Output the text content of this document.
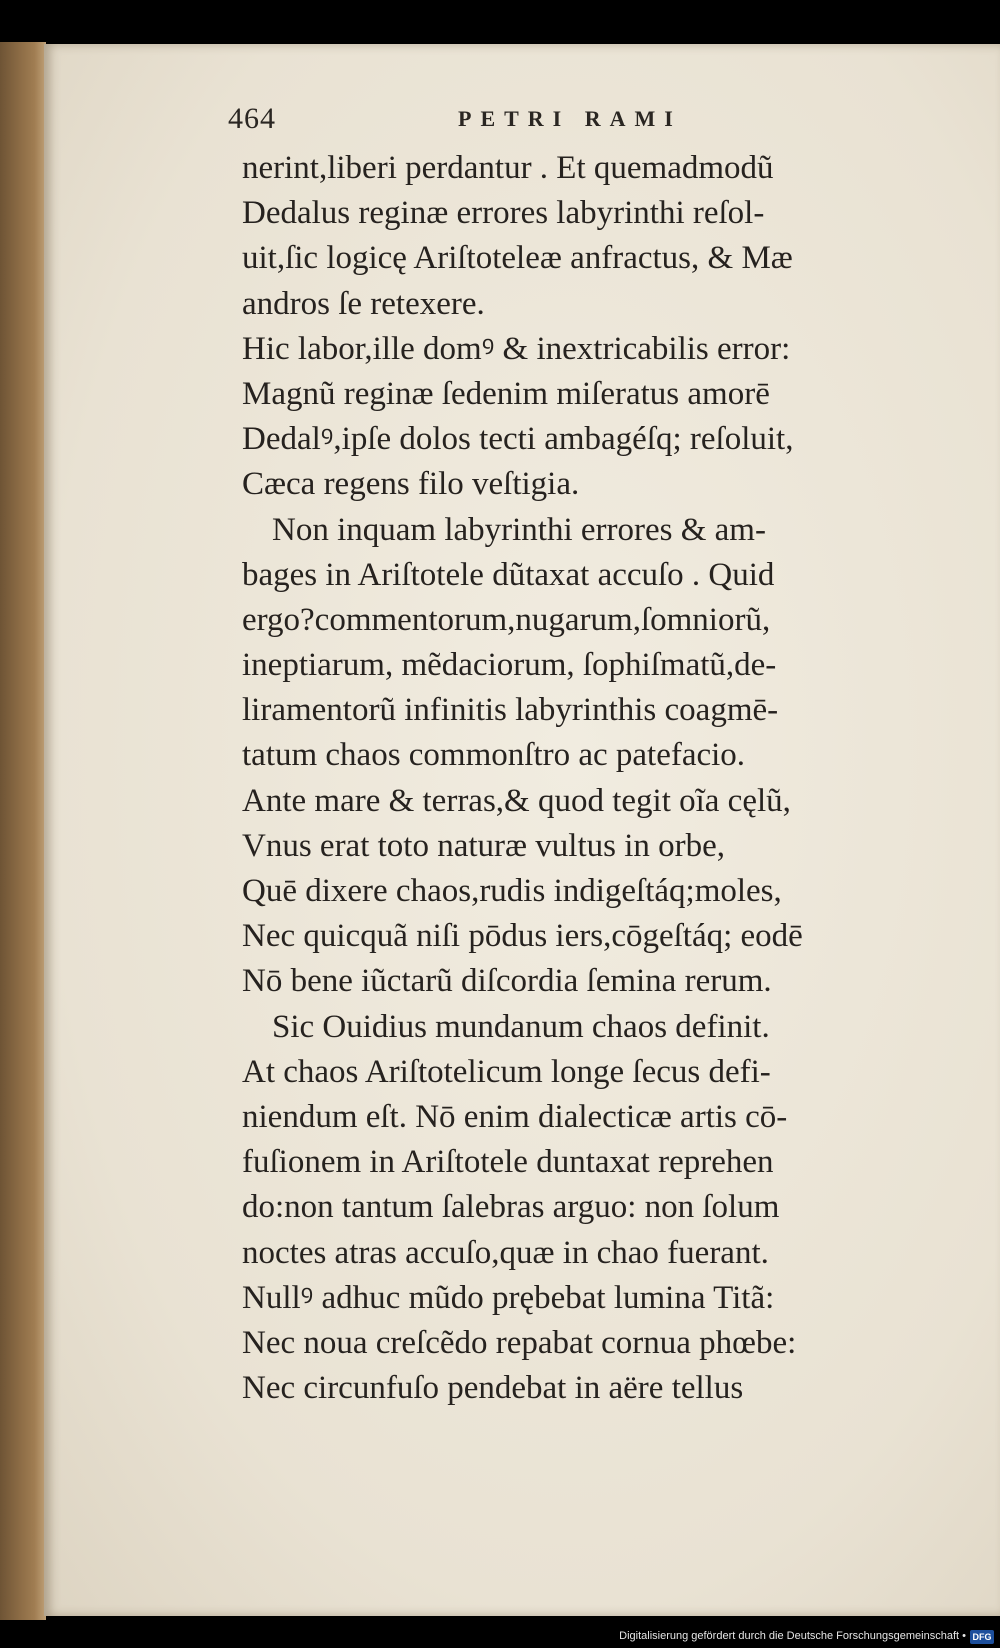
464	PETRI RAMI
nerint,liberi perdantur . Et quemadmodũ
Dedalus reginæ errores labyrinthi reſol-
uit,ſic logicę Ariſtoteleæ anfractus, & Mæ
andros ſe retexere.
Hic labor,ille domꝰ & inextricabilis error:
Magnũ reginæ ſedenim miſeratus amorē
Dedalꝰ,ipſe dolos tecti ambagéſq; reſoluit,
Cæca regens filo veſtigia.
Non inquam labyrinthi errores & am-
bages in Ariſtotele dũtaxat accuſo . Quid
ergo?commentorum,nugarum,ſomniorũ,
ineptiarum, mẽdaciorum, ſophiſmatũ,de-
liramentorũ infinitis labyrinthis coagmē-
tatum chaos commonſtro ac patefacio.
Ante mare & terras,& quod tegit oĩa cęlũ,
Vnus erat toto naturæ vultus in orbe,
Quē dixere chaos,rudis indigeſtáq;moles,
Nec quicquã niſi pōdus iers,cōgeſtáq; eodē
Nō bene iũctarũ diſcordia ſemina rerum.
Sic Ouidius mundanum chaos definit.
At chaos Ariſtotelicum longe ſecus defi-
niendum eſt. Nō enim dialecticæ artis cō-
fuſionem in Ariſtotele duntaxat reprehen
do:non tantum ſalebras arguo: non ſolum
noctes atras accuſo,quæ in chao fuerant.
Nullꝰ adhuc mũdo prębebat lumina Titã:
Nec noua creſcẽdo repabat cornua phœbe:
Nec circunfuſo pendebat in aëre tellus
Digitalisierung gefördert durch die Deutsche Forschungsgemeinschaft • DFG
